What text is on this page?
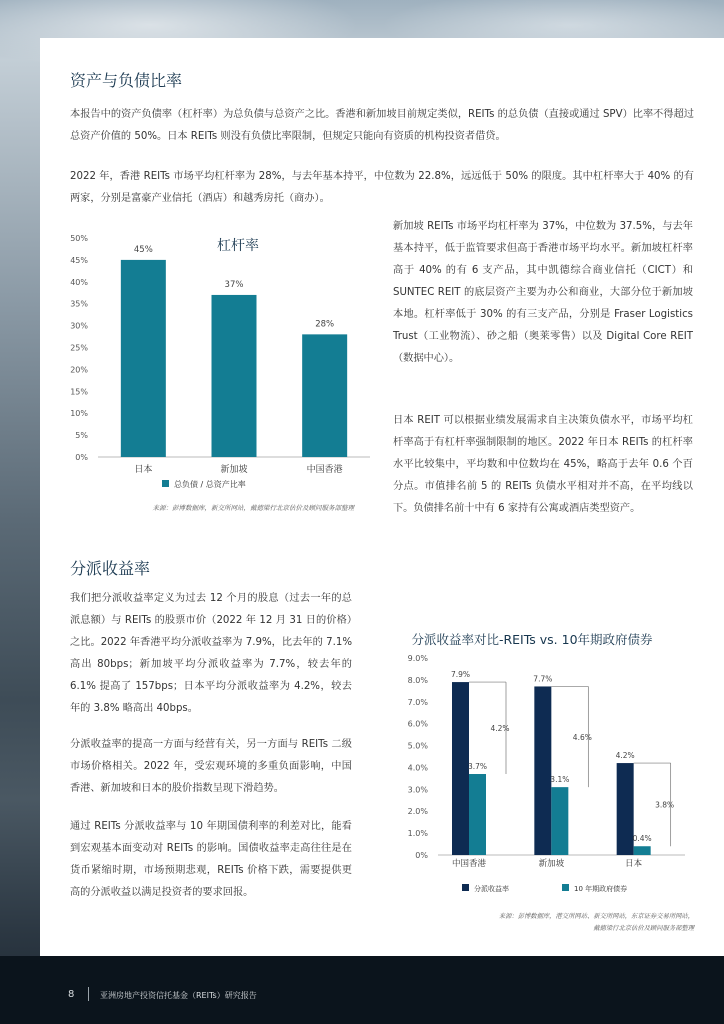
资产与负债比率
本报告中的资产负债率（杠杆率）为总负债与总资产之比。香港和新加坡目前规定类似，REITs 的总负债（直接或通过 SPV）比率不得超过总资产价值的 50%。日本 REITs 则没有负债比率限制，但规定只能向有资质的机构投资者借贷。
2022 年，香港 REITs 市场平均杠杆率为 28%，与去年基本持平，中位数为 22.8%，远远低于 50% 的限度。其中杠杆率大于 40% 的有两家，分别是富豪产业信托（酒店）和越秀房托（商办）。
0%
5%
10%
15%
20%
25%
30%
35%
40%
45%
50%	杠杆率
45%
日本
37%
新加坡
28%
中国香港
总负债 / 总资产比率
来源：彭博数据库，新交所网站，戴德梁行北京估价及顾问服务部整理
新加坡 REITs 市场平均杠杆率为 37%，中位数为 37.5%，与去年基本持平，低于监管要求但高于香港市场平均水平。新加坡杠杆率高于 40% 的有 6 支产品，其中凯德综合商业信托（CICT）和 SUNTEC REIT 的底层资产主要为办公和商业，大部分位于新加坡本地。杠杆率低于 30% 的有三支产品，分别是 Fraser Logistics Trust（工业物流）、砂之船（奥莱零售）以及 Digital Core REIT（数据中心）。
日本 REIT 可以根据业绩发展需求自主决策负债水平，市场平均杠杆率高于有杠杆率强制限制的地区。2022 年日本 REITs 的杠杆率水平比较集中，平均数和中位数均在 45%，略高于去年 0.6 个百分点。市值排名前 5 的 REITs 负债水平相对并不高，在平均线以下。负债排名前十中有 6 家持有公寓或酒店类型资产。
分派收益率
我们把分派收益率定义为过去 12 个月的股息（过去一年的总派息额）与 REITs 的股票市价（2022 年 12 月 31 日的价格）之比。2022 年香港平均分派收益率为 7.9%，比去年的 7.1% 高出 80bps；新加坡平均分派收益率为 7.7%，较去年的 6.1% 提高了 157bps；日本平均分派收益率为 4.2%，较去年的 3.8% 略高出 40bps。
分派收益率的提高一方面与经营有关，另一方面与 REITs 二级市场价格相关。2022 年，受宏观环境的多重负面影响，中国香港、新加坡和日本的股价指数呈现下滑趋势。
通过 REITs 分派收益率与 10 年期国债利率的利差对比，能看到宏观基本面变动对 REITs 的影响。国债收益率走高往往是在货币紧缩时期，市场预期悲观，REITs 价格下跌，需要提供更高的分派收益以满足投资者的要求回报。
分派收益率对比-REITs vs. 10年期政府债券
0%
1.0%
2.0%
3.0%
4.0%
5.0%
6.0%
7.0%
8.0%
9.0%
7.9%
3.7%
4.2%
中国香港
7.7%
3.1%
4.6%
新加坡
4.2%
0.4%
3.8%
日本
分派收益率	10 年期政府债券
来源：彭博数据库，港交所网站、新交所网站，东京证券交易所网站，
戴德梁行北京估价及顾问服务部整理
8	亚洲房地产投资信托基金（REITs）研究报告
